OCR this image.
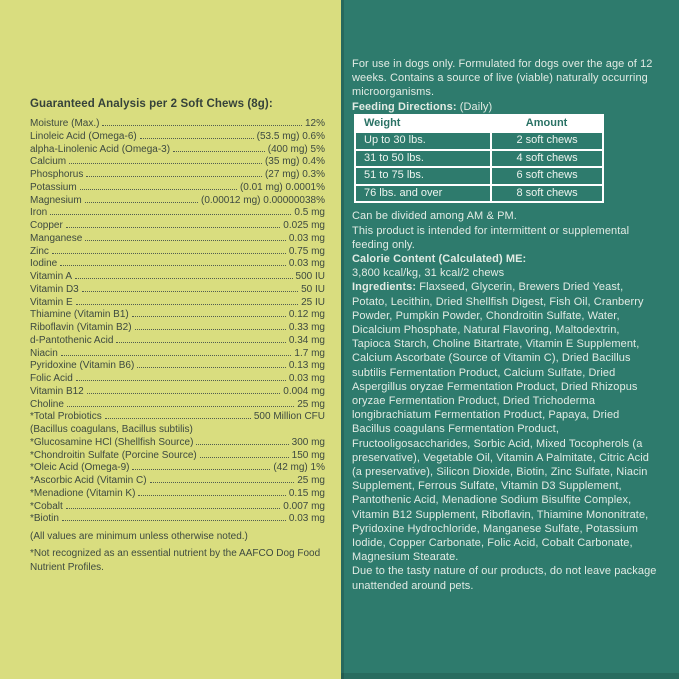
Guaranteed Analysis per 2 Soft Chews (8g):
Moisture (Max.)	12%
Linoleic Acid (Omega-6)	(53.5 mg) 0.6%
alpha-Linolenic Acid (Omega-3)	(400 mg) 5%
Calcium	(35 mg) 0.4%
Phosphorus	(27 mg) 0.3%
Potassium	(0.01 mg) 0.0001%
Magnesium	(0.00012 mg) 0.00000038%
Iron	0.5 mg
Copper	0.025 mg
Manganese	0.03 mg
Zinc	0.75 mg
Iodine	0.03 mg
Vitamin A	500 IU
Vitamin D3	50 IU
Vitamin E	25 IU
Thiamine (Vitamin B1)	0.12 mg
Riboflavin (Vitamin B2)	0.33 mg
d-Pantothenic Acid	0.34 mg
Niacin	1.7 mg
Pyridoxine (Vitamin B6)	0.13 mg
Folic Acid	0.03 mg
Vitamin B12	0.004 mg
Choline	25 mg
*Total Probiotics	500 Million CFU
(Bacillus coagulans, Bacillus subtilis)
*Glucosamine HCl (Shellfish Source)	300 mg
*Chondroitin Sulfate (Porcine Source)	150 mg
*Oleic Acid (Omega-9)	(42 mg) 1%
*Ascorbic Acid (Vitamin C)	25 mg
*Menadione (Vitamin K)	0.15 mg
*Cobalt	0.007 mg
*Biotin	0.03 mg

(All values are minimum unless otherwise noted.)

*Not recognized as an essential nutrient by the AAFCO Dog Food Nutrient Profiles.

For use in dogs only. Formulated for dogs over the age of 12 weeks. Contains a source of live (viable) naturally occurring microorganisms.

Feeding Directions: (Daily)

Weight	Amount
Up to 30 lbs.	2 soft chews
31 to 50 lbs.	4 soft chews
51 to 75 lbs.	6 soft chews
76 lbs. and over	8 soft chews

Can be divided among AM & PM.

This product is intended for intermittent or supplemental feeding only.

Calorie Content (Calculated) ME:

3,800 kcal/kg, 31 kcal/2 chews

Ingredients: Flaxseed, Glycerin, Brewers Dried Yeast, Potato, Lecithin, Dried Shellfish Digest, Fish Oil, Cranberry Powder, Pumpkin Powder, Chondroitin Sulfate, Water, Dicalcium Phosphate, Natural Flavoring, Maltodextrin, Tapioca Starch, Choline Bitartrate, Vitamin E Supplement, Calcium Ascorbate (Source of Vitamin C), Dried Bacillus subtilis Fermentation Product, Calcium Sulfate, Dried Aspergillus oryzae Fermentation Product, Dried Rhizopus oryzae Fermentation Product, Dried Trichoderma longibrachiatum Fermentation Product, Papaya, Dried Bacillus coagulans Fermentation Product, Fructooligosaccharides, Sorbic Acid, Mixed Tocopherols (a preservative), Vegetable Oil, Vitamin A Palmitate, Citric Acid (a preservative), Silicon Dioxide, Biotin, Zinc Sulfate, Niacin Supplement, Ferrous Sulfate, Vitamin D3 Supplement, Pantothenic Acid, Menadione Sodium Bisulfite Complex, Vitamin B12 Supplement, Riboflavin, Thiamine Mononitrate, Pyridoxine Hydrochloride, Manganese Sulfate, Potassium Iodide, Copper Carbonate, Folic Acid, Cobalt Carbonate, Magnesium Stearate.

Due to the tasty nature of our products, do not leave package unattended around pets.
